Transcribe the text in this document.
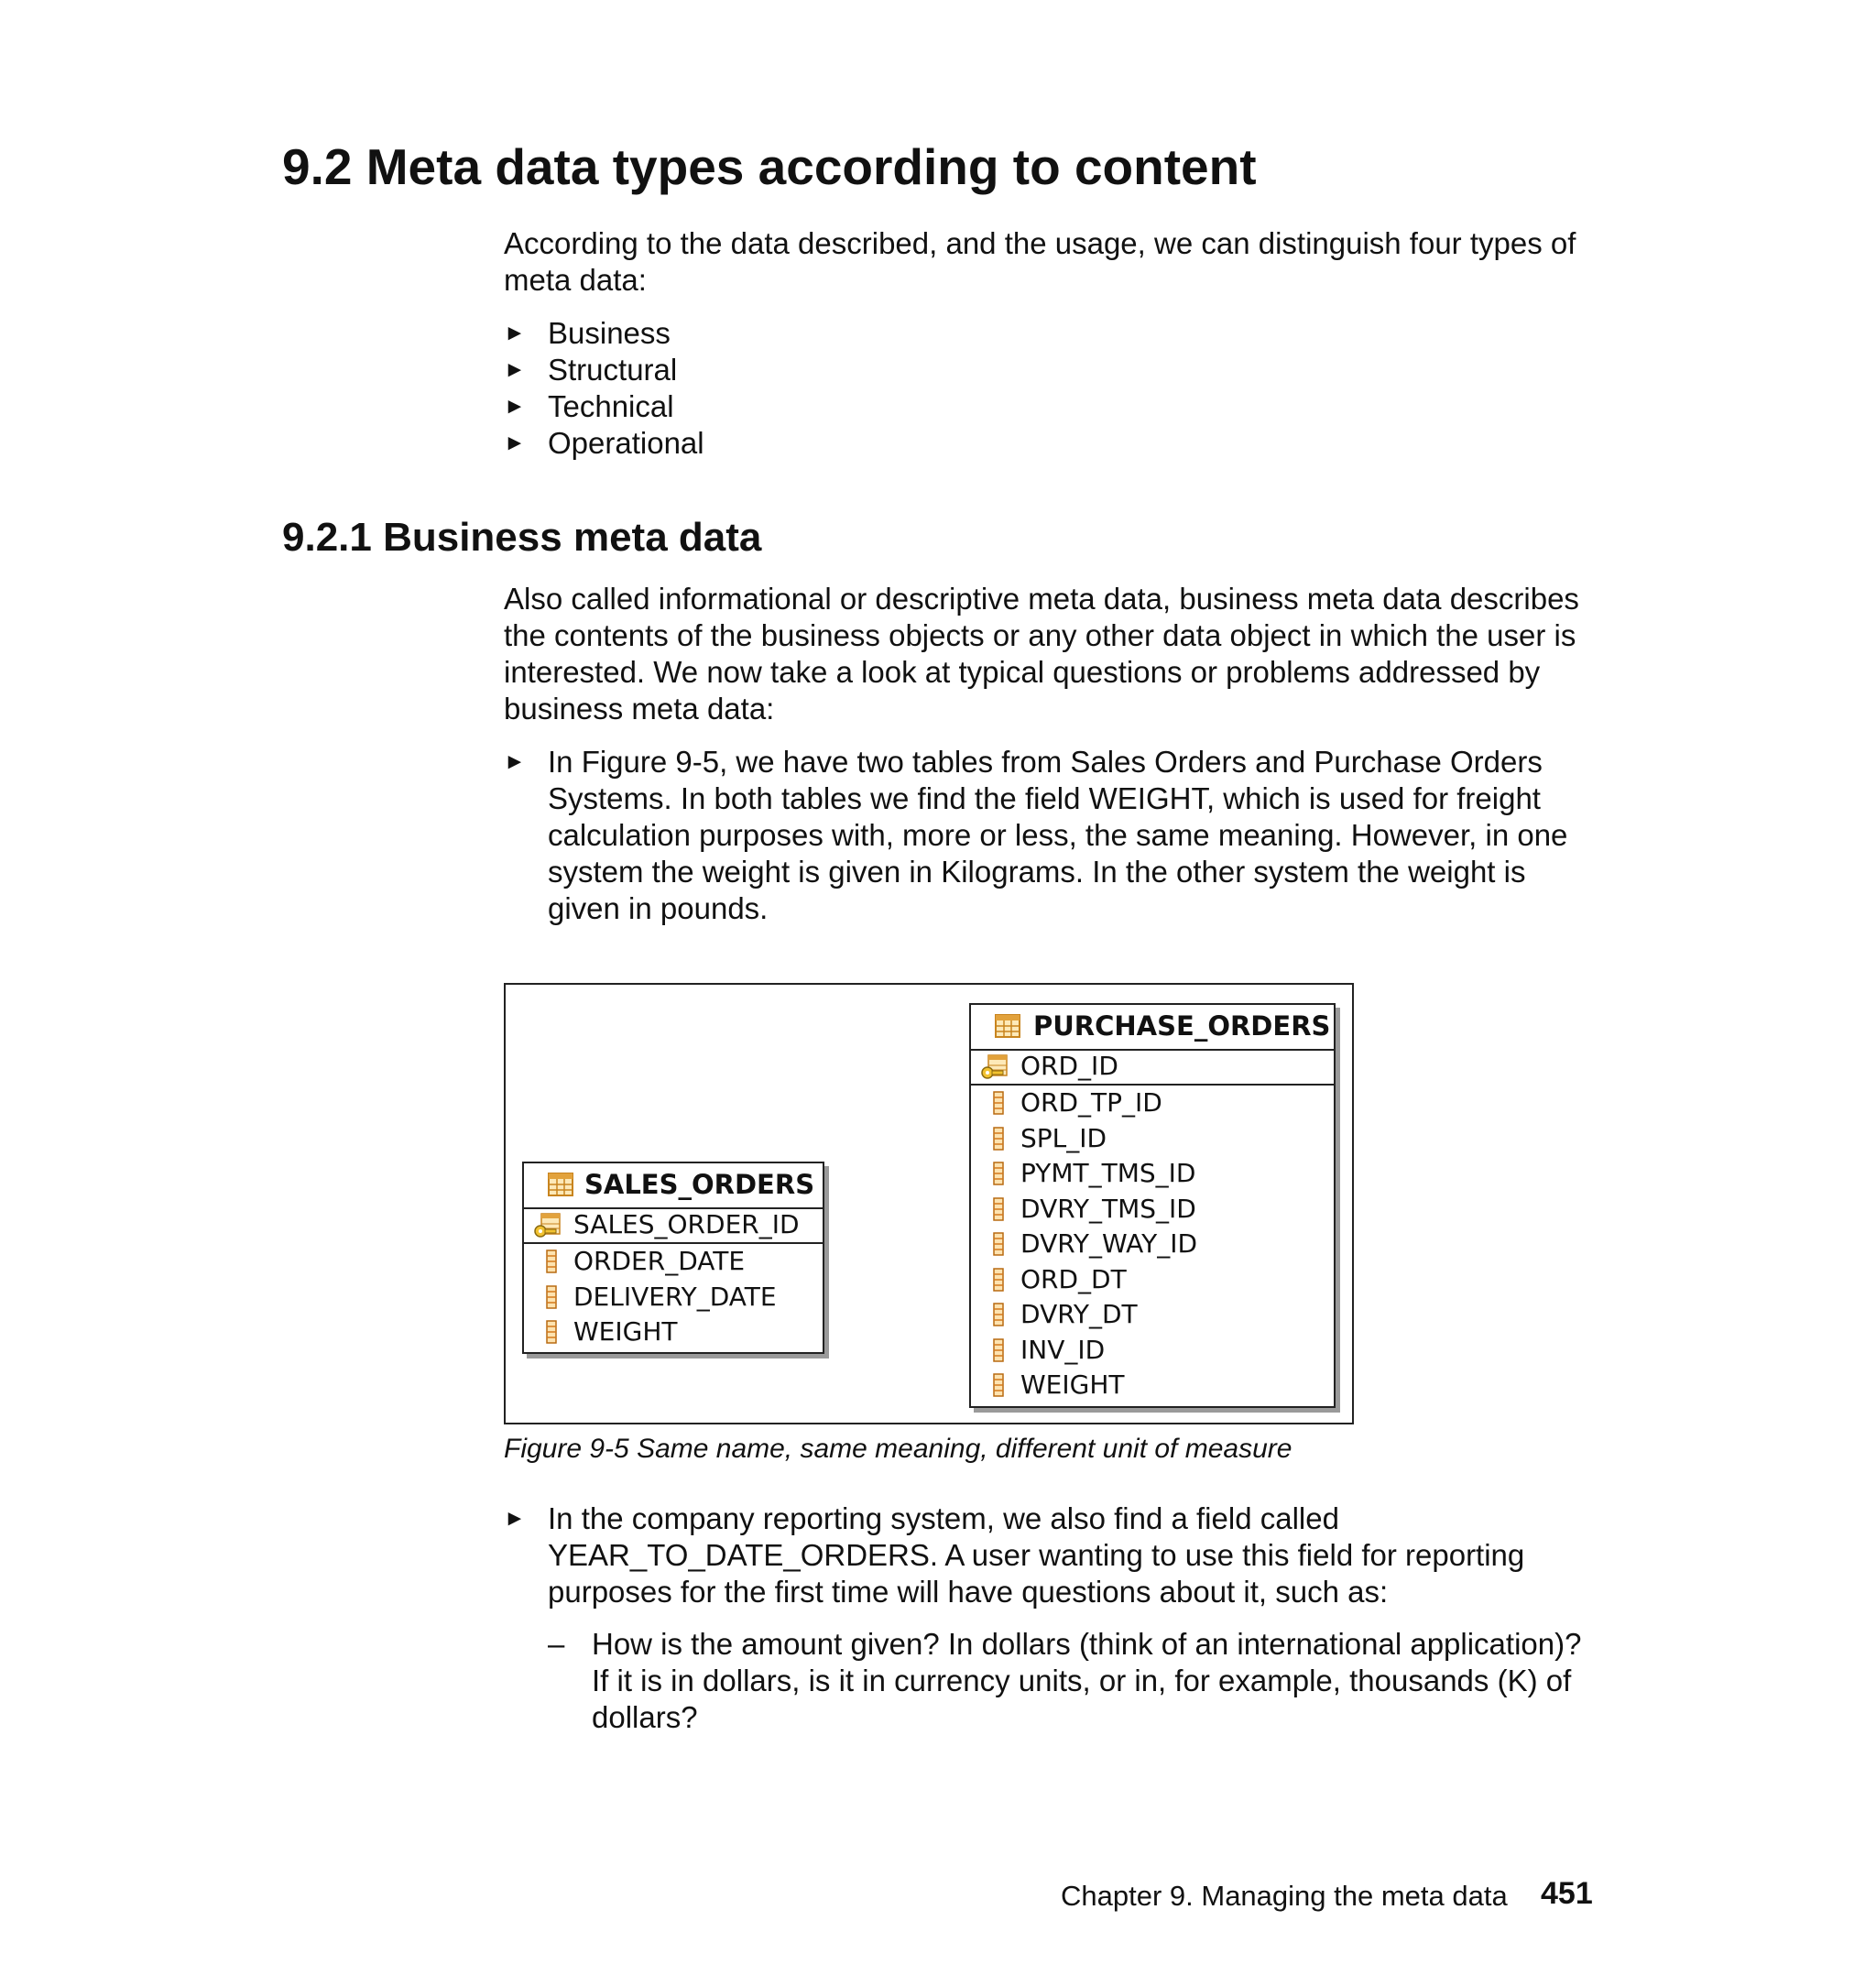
9.2 Meta data types according to content
According to the data described, and the usage, we can distinguish four types of
meta data:
► Business
► Structural
► Technical
► Operational
9.2.1 Business meta data
Also called informational or descriptive meta data, business meta data describes
the contents of the business objects or any other data object in which the user is
interested. We now take a look at typical questions or problems addressed by
business meta data:
► In Figure 9-5, we have two tables from Sales Orders and Purchase Orders
Systems. In both tables we find the field WEIGHT, which is used for freight
calculation purposes with, more or less, the same meaning. However, in one
system the weight is given in Kilograms. In the other system the weight is
given in pounds.
SALES_ORDERS
SALES_ORDER_ID
ORDER_DATE
DELIVERY_DATE
WEIGHT
PURCHASE_ORDERS
ORD_ID
ORD_TP_ID
SPL_ID
PYMT_TMS_ID
DVRY_TMS_ID
DVRY_WAY_ID
ORD_DT
DVRY_DT
INV_ID
WEIGHT
Figure 9-5 Same name, same meaning, different unit of measure
► In the company reporting system, we also find a field called
YEAR_TO_DATE_ORDERS. A user wanting to use this field for reporting
purposes for the first time will have questions about it, such as:
– How is the amount given? In dollars (think of an international application)?
If it is in dollars, is it in currency units, or in, for example, thousands (K) of
dollars?
Chapter 9. Managing the meta data 451
